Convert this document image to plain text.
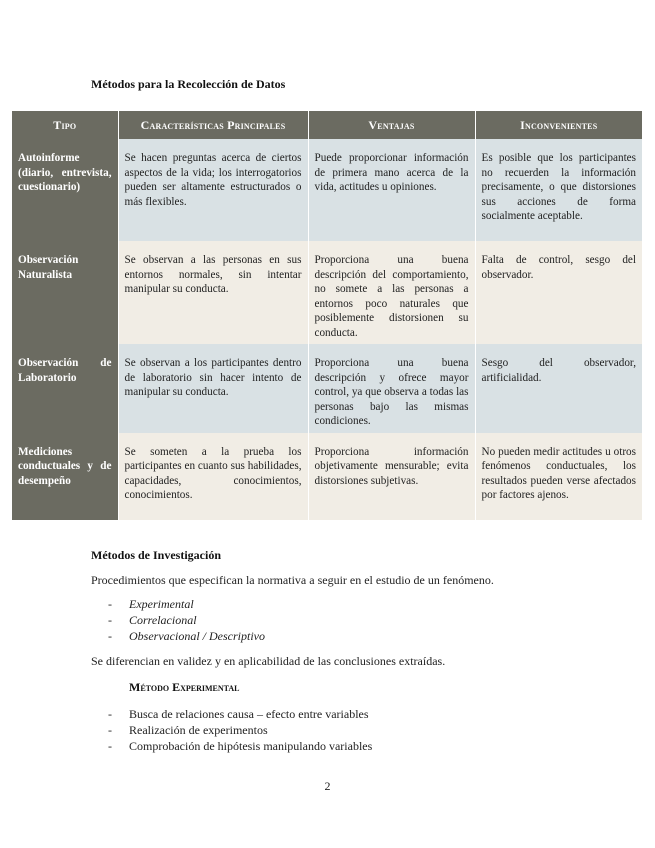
Métodos para la Recolección de Datos
Tipo	Características Principales	Ventajas	Inconvenientes
Autoinforme (diario, entrevista, cuestionario)	Se hacen preguntas acerca de ciertos aspectos de la vida; los interrogatorios pueden ser altamente estructurados o más flexibles.	Puede proporcionar información de primera mano acerca de la vida, actitudes u opiniones.	Es posible que los participantes no recuerden la información precisamente, o que distorsiones sus acciones de forma socialmente aceptable.
Observación Naturalista	Se observan a las personas en sus entornos normales, sin intentar manipular su conducta.	Proporciona una buena descripción del comportamiento, no somete a las personas a entornos poco naturales que posiblemente distorsionen su conducta.	Falta de control, sesgo del observador.
Observación de Laboratorio	Se observan a los participantes dentro de laboratorio sin hacer intento de manipular su conducta.	Proporciona una buena descripción y ofrece mayor control, ya que observa a todas las personas bajo las mismas condiciones.	Sesgo del observador, artificialidad.
Mediciones conductuales y de desempeño	Se someten a la prueba los participantes en cuanto sus habilidades, capacidades, conocimientos, conocimientos.	Proporciona información objetivamente mensurable; evita distorsiones subjetivas.	No pueden medir actitudes u otros fenómenos conductuales, los resultados pueden verse afectados por factores ajenos.
Métodos de Investigación
Procedimientos que especifican la normativa a seguir en el estudio de un fenómeno.
- Experimental
- Correlacional
- Observacional / Descriptivo
Se diferencian en validez y en aplicabilidad de las conclusiones extraídas.
Método Experimental
- Busca de relaciones causa – efecto entre variables
- Realización de experimentos
- Comprobación de hipótesis manipulando variables
2
